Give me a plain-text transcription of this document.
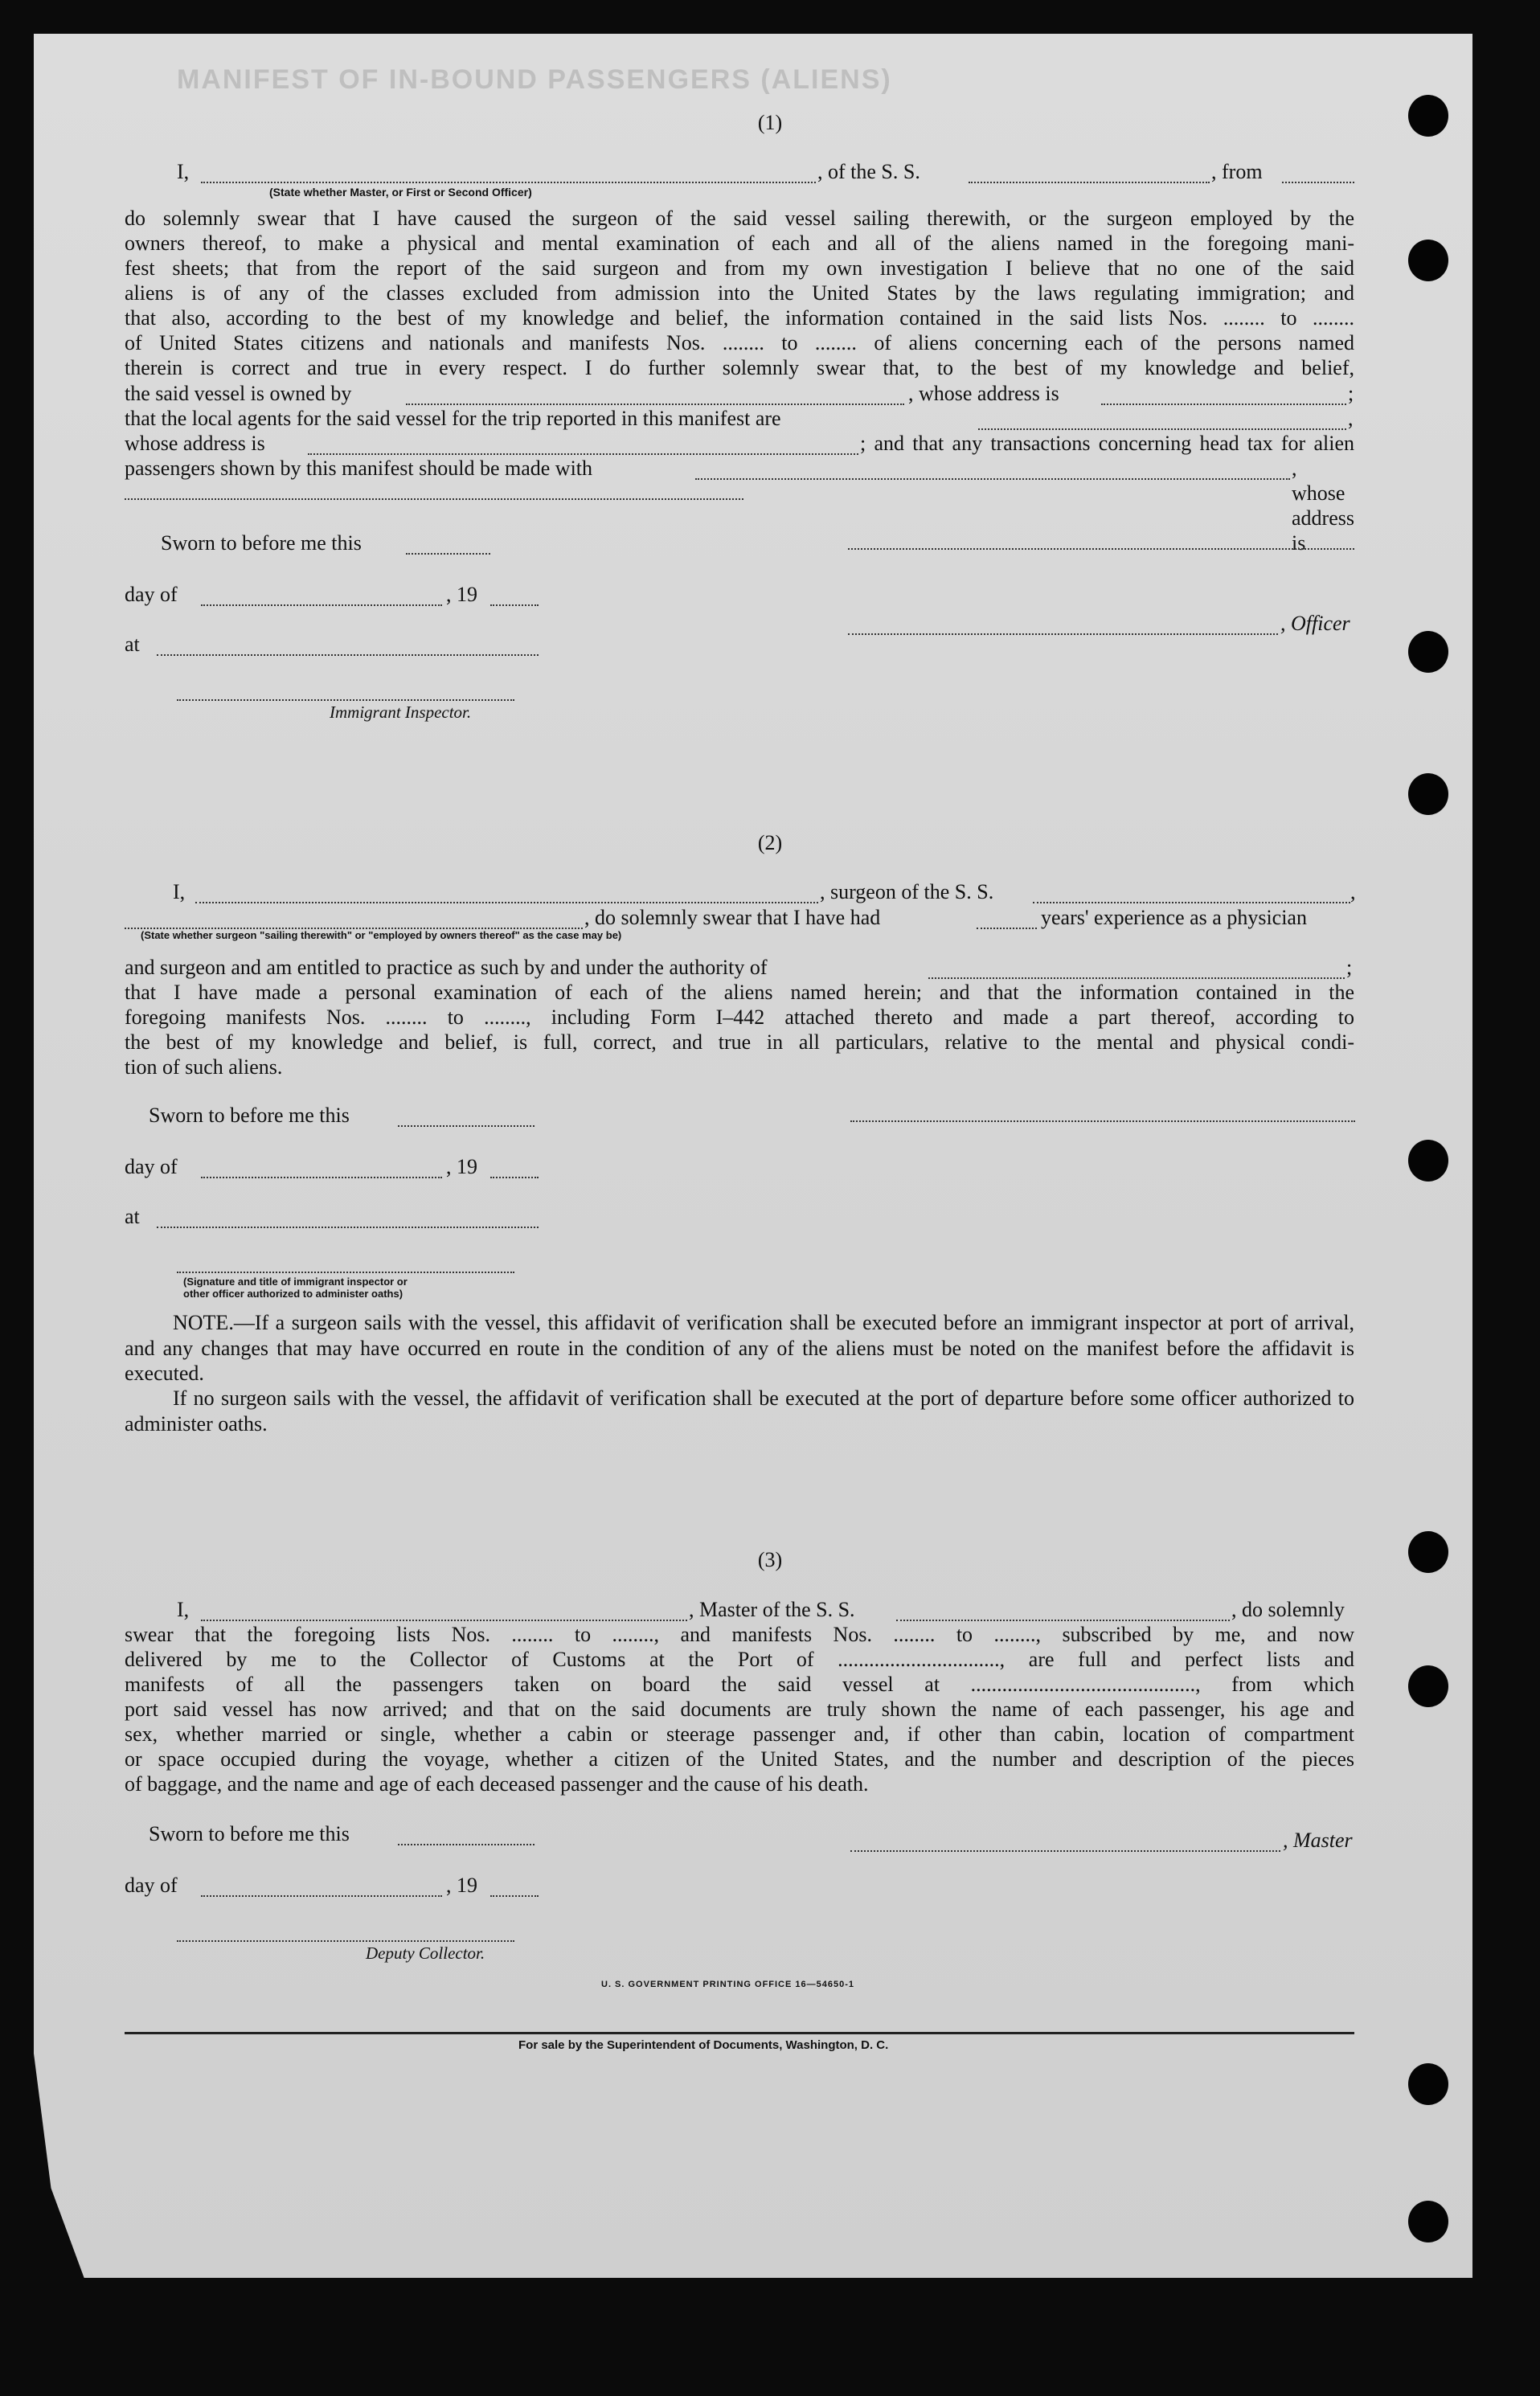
MANIFEST OF IN-BOUND PASSENGERS (ALIENS)
(1)
I,	, of the S. S.	, from
(State whether Master, or First or Second Officer)
do solemnly swear that I have caused the surgeon of the said vessel sailing therewith, or the surgeon employed by the
owners thereof, to make a physical and mental examination of each and all of the aliens named in the foregoing mani-
fest sheets; that from the report of the said surgeon and from my own investigation I believe that no one of the said
aliens is of any of the classes excluded from admission into the United States by the laws regulating immigration; and
that also, according to the best of my knowledge and belief, the information contained in the said lists Nos. ........ to ........
of United States citizens and nationals and manifests Nos. ........ to ........ of aliens concerning each of the persons named
therein is correct and true in every respect. I do further solemnly swear that, to the best of my knowledge and belief,
the said vessel is owned by	, whose address is	;
that the local agents for the said vessel for the trip reported in this manifest are	,
whose address is	; and that any transactions concerning head tax for alien
passengers shown by this manifest should be made with	, whose address is
Sworn to before me this
day of	, 19
, Officer
at
Immigrant Inspector.
(2)
I,	, surgeon of the S. S.	,
, do solemnly swear that I have had	years' experience as a physician
(State whether surgeon "sailing therewith" or "employed by owners thereof" as the case may be)
and surgeon and am entitled to practice as such by and under the authority of	;
that I have made a personal examination of each of the aliens named herein; and that the information contained in the
foregoing manifests Nos. ........ to ........, including Form I–442 attached thereto and made a part thereof, according to
the best of my knowledge and belief, is full, correct, and true in all particulars, relative to the mental and physical condi-
tion of such aliens.
Sworn to before me this
day of	, 19
at
(Signature and title of immigrant inspector or
other officer authorized to administer oaths)
NOTE.—If a surgeon sails with the vessel, this affidavit of verification shall be executed before an immigrant inspector at port of arrival, and any changes that may have occurred en route in the condition of any of the aliens must be noted on the manifest before the affidavit is executed.
If no surgeon sails with the vessel, the affidavit of verification shall be executed at the port of departure before some officer authorized to administer oaths.
(3)
I,	, Master of the S. S.	, do solemnly
swear that the foregoing lists Nos. ........ to ........, and manifests Nos. ........ to ........, subscribed by me, and now
delivered by me to the Collector of Customs at the Port of ..............................., are full and perfect lists and
manifests of all the passengers taken on board the said vessel at ..........................................., from which
port said vessel has now arrived; and that on the said documents are truly shown the name of each passenger, his age and
sex, whether married or single, whether a cabin or steerage passenger and, if other than cabin, location of compartment
or space occupied during the voyage, whether a citizen of the United States, and the number and description of the pieces
of baggage, and the name and age of each deceased passenger and the cause of his death.
Sworn to before me this	, Master
day of	, 19
Deputy Collector.
U. S. GOVERNMENT PRINTING OFFICE 16—54650-1
For sale by the Superintendent of Documents, Washington, D. C.
